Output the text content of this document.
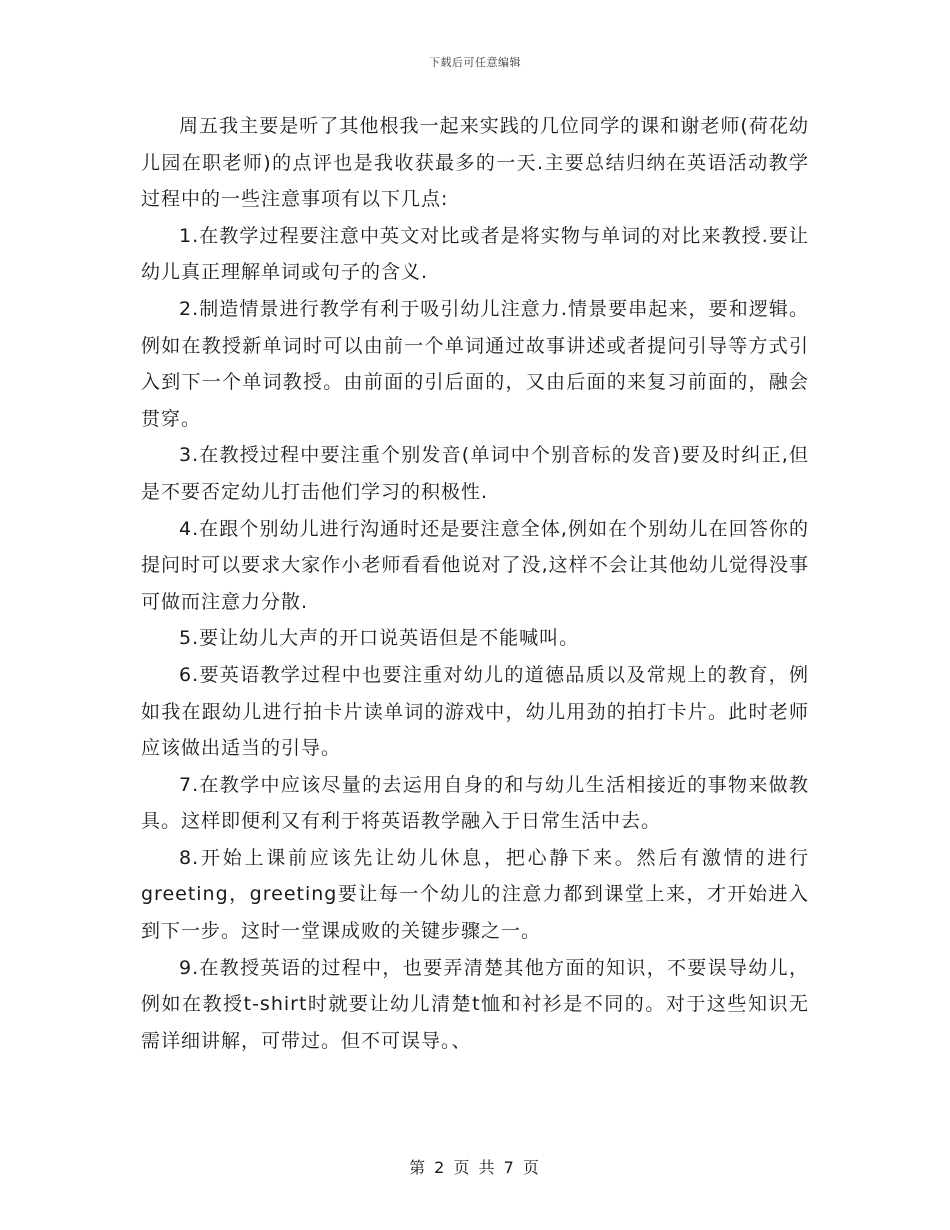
下载后可任意编辑

周五我主要是听了其他根我一起来实践的几位同学的课和谢老师(荷花幼儿园在职老师)的点评也是我收获最多的一天.主要总结归纳在英语活动教学过程中的一些注意事项有以下几点:

1.在教学过程要注意中英文对比或者是将实物与单词的对比来教授.要让幼儿真正理解单词或句子的含义.

2.制造情景进行教学有利于吸引幼儿注意力.情景要串起来，要和逻辑。例如在教授新单词时可以由前一个单词通过故事讲述或者提问引导等方式引入到下一个单词教授。由前面的引后面的，又由后面的来复习前面的，融会贯穿。

3.在教授过程中要注重个别发音(单词中个别音标的发音)要及时纠正,但是不要否定幼儿打击他们学习的积极性.

4.在跟个别幼儿进行沟通时还是要注意全体,例如在个别幼儿在回答你的提问时可以要求大家作小老师看看他说对了没,这样不会让其他幼儿觉得没事可做而注意力分散.

5.要让幼儿大声的开口说英语但是不能喊叫。

6.要英语教学过程中也要注重对幼儿的道德品质以及常规上的教育，例如我在跟幼儿进行拍卡片读单词的游戏中，幼儿用劲的拍打卡片。此时老师应该做出适当的引导。

7.在教学中应该尽量的去运用自身的和与幼儿生活相接近的事物来做教具。这样即便利又有利于将英语教学融入于日常生活中去。

8.开始上课前应该先让幼儿休息，把心静下来。然后有激情的进行greeting，greeting要让每一个幼儿的注意力都到课堂上来，才开始进入到下一步。这时一堂课成败的关键步骤之一。

9.在教授英语的过程中，也要弄清楚其他方面的知识，不要误导幼儿，例如在教授t-shirt时就要让幼儿清楚t恤和衬衫是不同的。对于这些知识无需详细讲解，可带过。但不可误导。、

第 2 页 共 7 页
